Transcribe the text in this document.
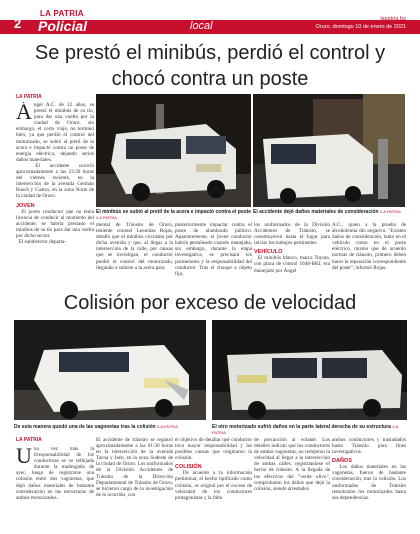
2
LA PATRIA
Policial	local
lapatria.bo
Oruro, domingo 10 de enero de 2021
Se prestó el minibús, perdió el control y chocó contra un poste
LA PATRIA
Á ngel A.C. de 22 años, se prestó el minibús de su tío, para dar una vuelta por la ciudad de Oruro, sin embargo, el corto viaje, no terminó bien, ya que perdió el control del motorizado, se subió al pretil de la acera e impactó contra un poste de energía eléctrica, dejando serios daños materiales.
El accidente ocurrió aproximadamente a las 23:30 horas del viernes reciente, en la intersección de la avenida Germán Busch y Cuatro, en la zona Norte de la ciudad de Oruro.
JOVEN
El joven conductor que no tenía licencia de conducir al momento del accidente, se habría prestado el minibús de su tío para dar una vuelta por dicho sector.
El subdirector departa-
El minibús se subió al pretil de la acera e impactó contra el poste /LA PATRIA
El accidente dejó daños materiales de consideración /LA PATRIA
mental de Tránsito de Oruro, teniente coronel Leonidas Rojas, detalló que el minibús circulaba por dicha avenida y que, al llegar a la intersección de la calle, por causas que se investigan, el conductor perdió el control del motorizado, llegando a subirse a la acera para
posteriormente impactar contra el poste de alumbrado público. Aparentemente, el joven conductor habría pestañeado cuando manejaba, sin embargo, durante la etapa investigativa, se precisará los pormenores y la responsabilidad del conductor. Tras el choque a objeto fijo,
los uniformados de la División Accidentes de Tránsito, se constituyeron hasta el lugar para iniciar los trabajos pertinentes.
VEHÍCULO
El minibús blanco, marca Toyota, con placa de control 1048-BKI, era manejado por Ángel
A.C., quien a la prueba de alcoholemia dio negativo. "Existen daños de consideración, tanto en el vehículo como en el poste eléctrico, mismo que de acuerdo normas de tránsito, primero deben hacer la reparación correspondiente del poste", informó Rojas.
Colisión por exceso de velocidad
De esta manera quedó una de las vagonetas tras la colisión /LA PATRIA	El otro motorizado sufrió daños en la parte lateral derecha de su estructura /LA PATRIA
LA PATRIA
U na vez más la irresponsabilidad de los conductores se ve reflejada durante la madrugada de ayer, luego de registrarse una colisión entre dos vagonetas, que dejó daños materiales de bastante consideración en las estructuras de ambos motorizados.
El accidente de tránsito se registró aproximadamente a las 01:30 horas en la intersección de la avenida Tacna y Jaén, en la zona Sudeste de la ciudad de Oruro. Los uniformados de la División Accidentes de Tránsito de la Dirección Departamental de Tránsito de Oruro, se hicieron cargo de la investigación de lo ocurrido, con
el objetivo de detallar qué conductor tuvo mayor responsabilidad y las posibles causas que originaron la colisión.
COLISIÓN
De acuerdo a la información preliminar, el hecho tipificado como colisión, se originó por el exceso de velocidad de los conductores protagonistas y la falta
de precaución al volante. Los detalles indican que los conductores de ambas vagonetas, no redujeron la velocidad al llegar a la intersección de ambas calles, registrándose el hecho de tránsito. A la llegada de los efectivos del "verde olivo", comprobaron los daños que dejó la colisión, siendo arrestados
ambos conductores y trasladados hasta Tránsito para fines investigativos.
DAÑOS
Los daños materiales en las vagonetas, fueron de bastante consideración, tras la colisión. Los uniformados de Tránsito remolcaron los motorizados hasta sus dependencias.
